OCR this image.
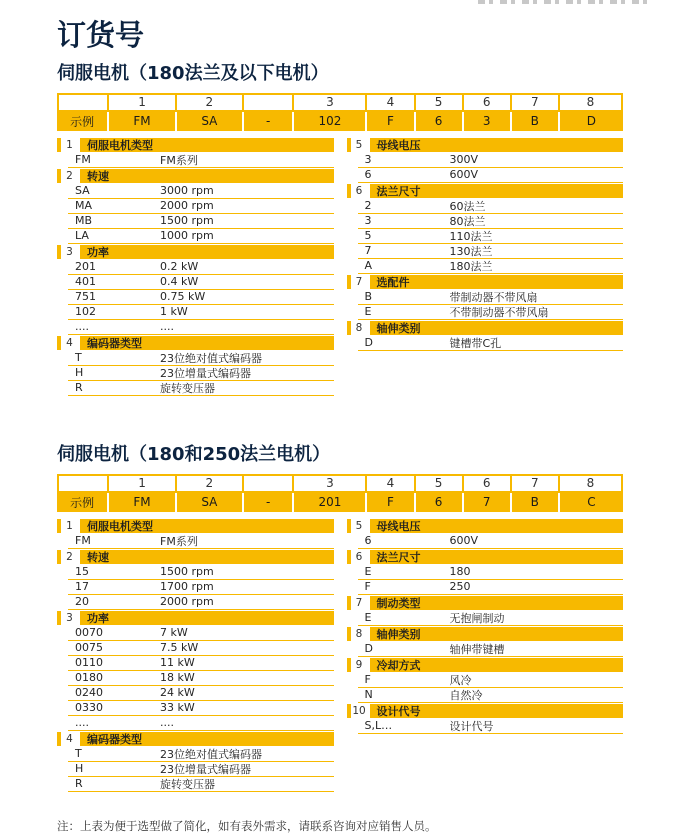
订货号
伺服电机（180法兰及以下电机）
	1	2		3	4	5	6	7	8
示例	FM	SA	-	102	F	6	3	B	D
1	伺服电机类型
FM	FM系列
2	转速
SA	3000 rpm
MA	2000 rpm
MB	1500 rpm
LA	1000 rpm
3	功率
201	0.2 kW
401	0.4 kW
751	0.75 kW
102	1 kW
....	....
4	编码器类型
T	23位绝对值式编码器
H	23位增量式编码器
R	旋转变压器
5	母线电压
3	300V
6	600V
6	法兰尺寸
2	60法兰
3	80法兰
5	110法兰
7	130法兰
A	180法兰
7	选配件
B	带制动器不带风扇
E	不带制动器不带风扇
8	轴伸类别
D	键槽带C孔
伺服电机（180和250法兰电机）
	1	2		3	4	5	6	7	8
示例	FM	SA	-	201	F	6	7	B	C
1	伺服电机类型
FM	FM系列
2	转速
15	1500 rpm
17	1700 rpm
20	2000 rpm
3	功率
0070	7 kW
0075	7.5 kW
0110	11 kW
0180	18 kW
0240	24 kW
0330	33 kW
....	....
4	编码器类型
T	23位绝对值式编码器
H	23位增量式编码器
R	旋转变压器
5	母线电压
6	600V
6	法兰尺寸
E	180
F	250
7	制动类型
E	无抱闸制动
8	轴伸类别
D	轴伸带键槽
9	冷却方式
F	风冷
N	自然冷
10 设计代号
S,L…	设计代号

注：上表为便于选型做了简化，如有表外需求，请联系咨询对应销售人员。
